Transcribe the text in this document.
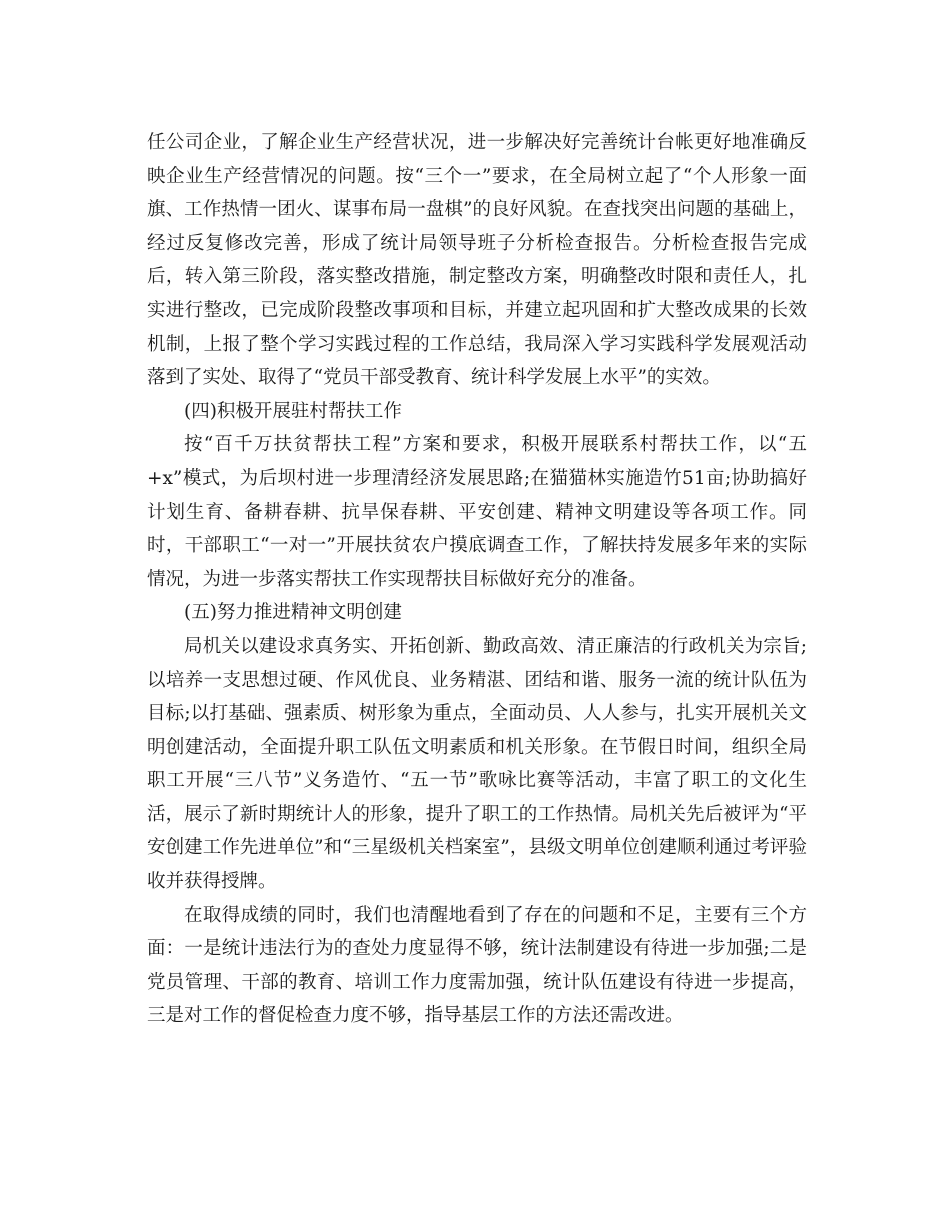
任公司企业，了解企业生产经营状况，进一步解决好完善统计台帐更好地准确反映企业生产经营情况的问题。按“三个一”要求，在全局树立起了“个人形象一面旗、工作热情一团火、谋事布局一盘棋”的良好风貌。在查找突出问题的基础上，经过反复修改完善，形成了统计局领导班子分析检查报告。分析检查报告完成后，转入第三阶段，落实整改措施，制定整改方案，明确整改时限和责任人，扎实进行整改，已完成阶段整改事项和目标，并建立起巩固和扩大整改成果的长效机制，上报了整个学习实践过程的工作总结，我局深入学习实践科学发展观活动落到了实处、取得了“党员干部受教育、统计科学发展上水平”的实效。

(四)积极开展驻村帮扶工作

按“百千万扶贫帮扶工程”方案和要求，积极开展联系村帮扶工作，以“五+x”模式，为后坝村进一步理清经济发展思路;在猫猫林实施造竹51亩;协助搞好计划生育、备耕春耕、抗旱保春耕、平安创建、精神文明建设等各项工作。同时，干部职工“一对一”开展扶贫农户摸底调查工作，了解扶持发展多年来的实际情况，为进一步落实帮扶工作实现帮扶目标做好充分的准备。

(五)努力推进精神文明创建

局机关以建设求真务实、开拓创新、勤政高效、清正廉洁的行政机关为宗旨;以培养一支思想过硬、作风优良、业务精湛、团结和谐、服务一流的统计队伍为目标;以打基础、强素质、树形象为重点，全面动员、人人参与，扎实开展机关文明创建活动，全面提升职工队伍文明素质和机关形象。在节假日时间，组织全局职工开展“三八节”义务造竹、“五一节”歌咏比赛等活动，丰富了职工的文化生活，展示了新时期统计人的形象，提升了职工的工作热情。局机关先后被评为“平安创建工作先进单位”和“三星级机关档案室”，县级文明单位创建顺利通过考评验收并获得授牌。

在取得成绩的同时，我们也清醒地看到了存在的问题和不足，主要有三个方面：一是统计违法行为的查处力度显得不够，统计法制建设有待进一步加强;二是党员管理、干部的教育、培训工作力度需加强，统计队伍建设有待进一步提高，三是对工作的督促检查力度不够，指导基层工作的方法还需改进。
